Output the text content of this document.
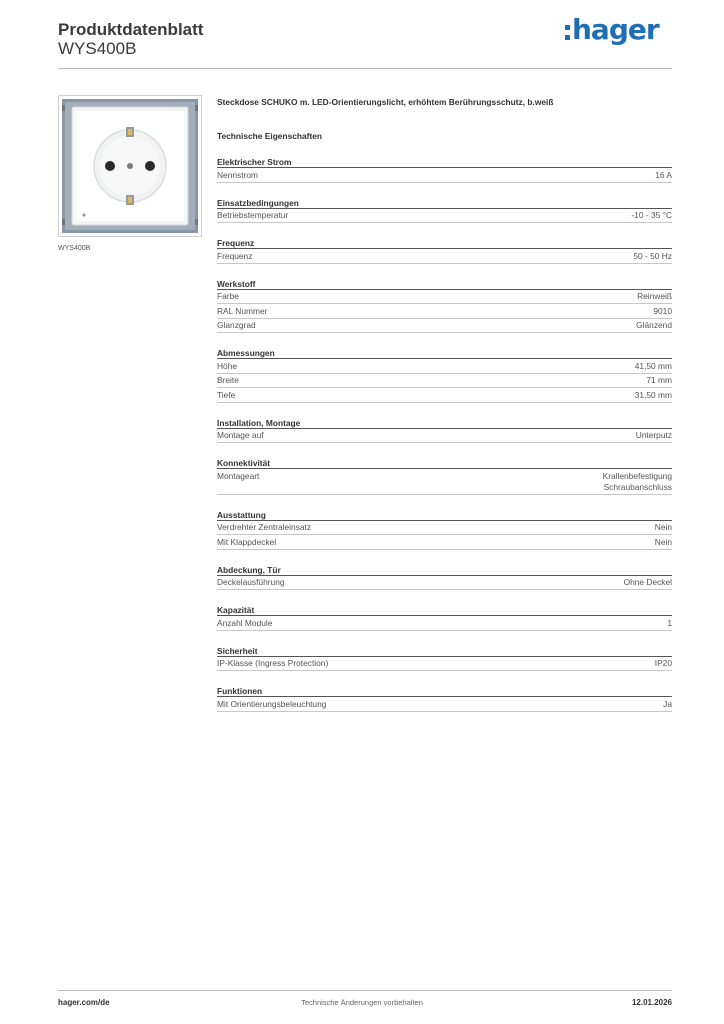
Produktdatenblatt
WYS400B
hager
WYS400B
Steckdose SCHUKO m. LED-Orientierungslicht, erhöhtem Berührungsschutz, b.weiß
Technische Eigenschaften
Elektrischer Strom
Nennstrom	16 A
Einsatzbedingungen
Betriebstemperatur	-10 - 35 °C
Frequenz
Frequenz	50 - 50 Hz
Werkstoff
Farbe	Reinweiß
RAL Nummer	9010
Glanzgrad	Glänzend
Abmessungen
Höhe	41,50 mm
Breite	71 mm
Tiefe	31,50 mm
Installation, Montage
Montage auf	Unterputz
Konnektivität
Montageart	Krallenbefestigung
Schraubanschluss
Ausstattung
Verdrehter Zentraleinsatz	Nein
Mit Klappdeckel	Nein
Abdeckung, Tür
Deckelausführung	Ohne Deckel
Kapazität
Anzahl Module	1
Sicherheit
IP-Klasse (Ingress Protection)	IP20
Funktionen
Mit Orientierungsbeleuchtung	Ja
hager.com/de	Technische Änderungen vorbehalten	12.01.2026
